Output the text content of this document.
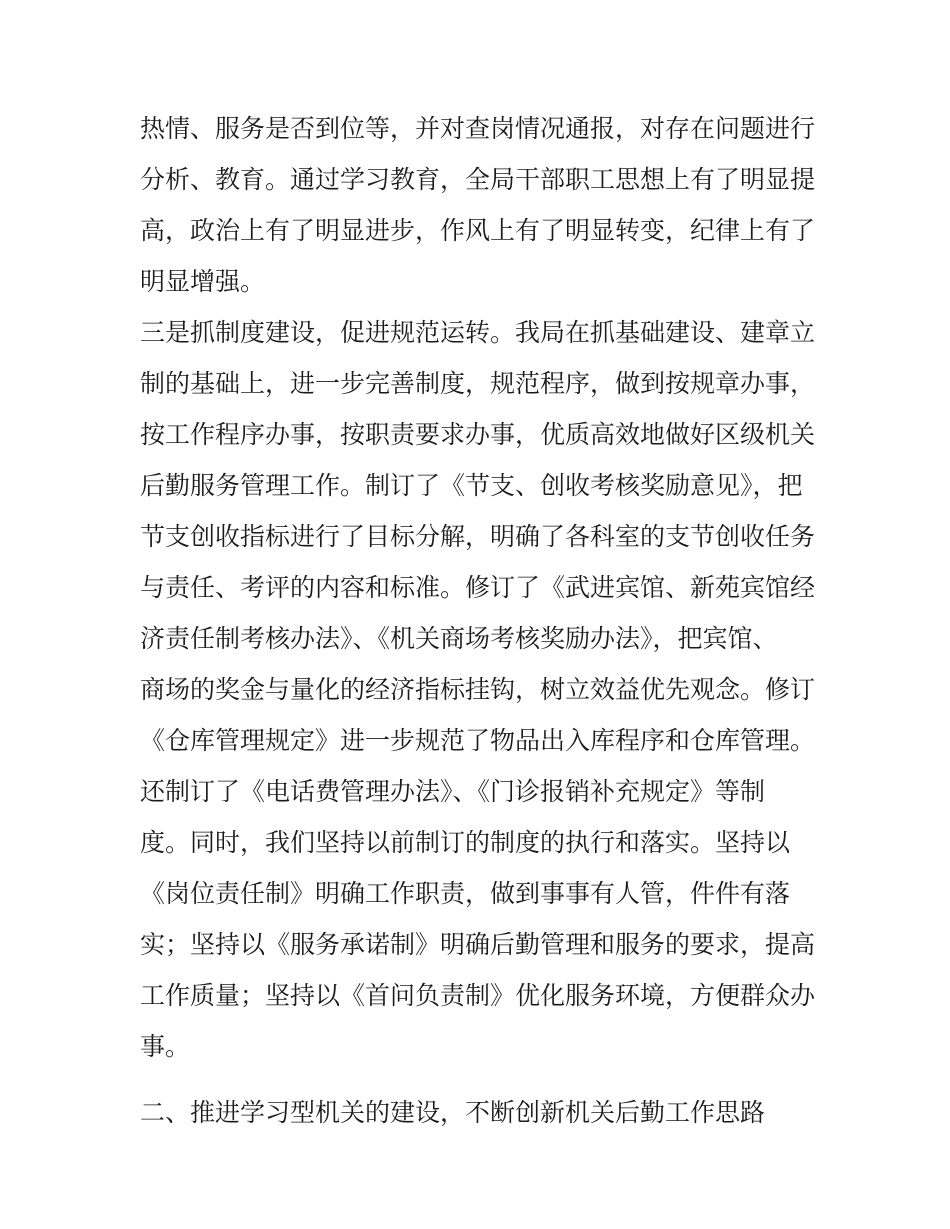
热情、服务是否到位等，并对查岗情况通报，对存在问题进行
分析、教育。通过学习教育，全局干部职工思想上有了明显提
高，政治上有了明显进步，作风上有了明显转变，纪律上有了
明显增强。
三是抓制度建设，促进规范运转。我局在抓基础建设、建章立
制的基础上，进一步完善制度，规范程序，做到按规章办事，
按工作程序办事，按职责要求办事，优质高效地做好区级机关
后勤服务管理工作。制订了《节支、创收考核奖励意见》，把
节支创收指标进行了目标分解，明确了各科室的支节创收任务
与责任、考评的内容和标准。修订了《武进宾馆、新苑宾馆经
济责任制考核办法》、《机关商场考核奖励办法》，把宾馆、
商场的奖金与量化的经济指标挂钩，树立效益优先观念。修订
《仓库管理规定》进一步规范了物品出入库程序和仓库管理。
还制订了《电话费管理办法》、《门诊报销补充规定》等制
度。同时，我们坚持以前制订的制度的执行和落实。坚持以
《岗位责任制》明确工作职责，做到事事有人管，件件有落
实；坚持以《服务承诺制》明确后勤管理和服务的要求，提高
工作质量；坚持以《首问负责制》优化服务环境，方便群众办
事。
二、推进学习型机关的建设，不断创新机关后勤工作思路
